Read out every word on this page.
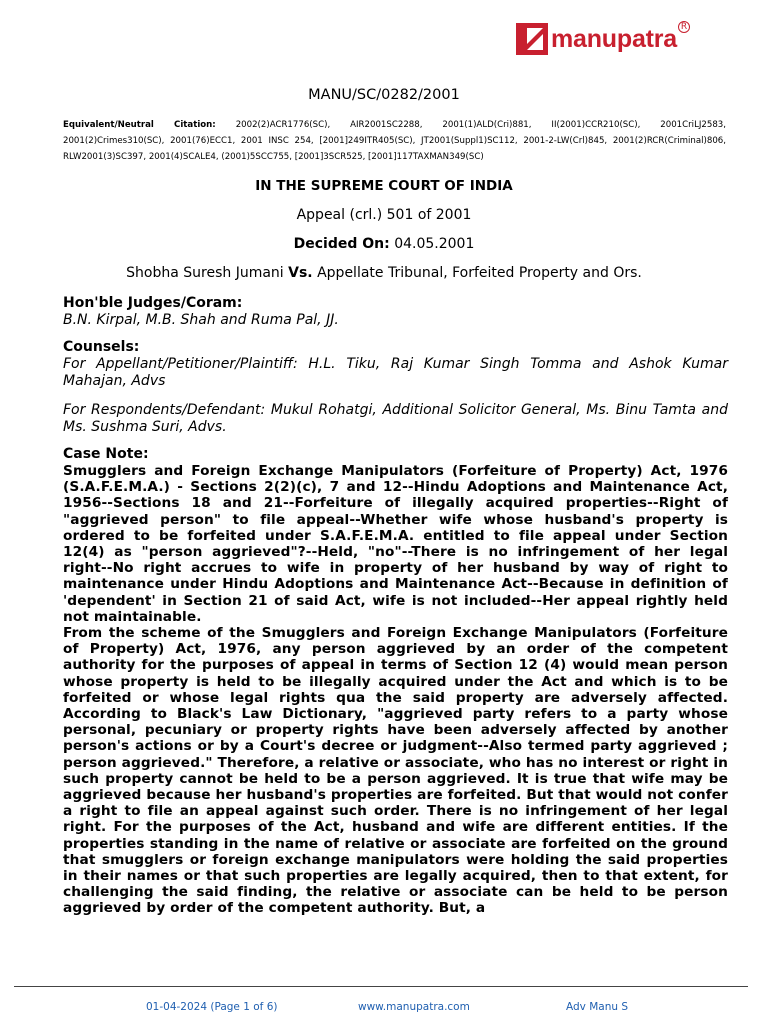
manupatra R
MANU/SC/0282/2001
Equivalent/Neutral Citation: 2002(2)ACR1776(SC), AIR2001SC2288, 2001(1)ALD(Cri)881, II(2001)CCR210(SC), 2001CriLJ2583, 2001(2)Crimes310(SC), 2001(76)ECC1, 2001 INSC 254, [2001]249ITR405(SC), JT2001(Suppl1)SC112, 2001-2-LW(Crl)845, 2001(2)RCR(Criminal)806, RLW2001(3)SC397, 2001(4)SCALE4, (2001)5SCC755, [2001]3SCR525, [2001]117TAXMAN349(SC)
IN THE SUPREME COURT OF INDIA
Appeal (crl.) 501 of 2001
Decided On: 04.05.2001
Shobha Suresh Jumani Vs. Appellate Tribunal, Forfeited Property and Ors.
Hon'ble Judges/Coram:
B.N. Kirpal, M.B. Shah and Ruma Pal, JJ.
Counsels:
For Appellant/Petitioner/Plaintiff: H.L. Tiku, Raj Kumar Singh Tomma and Ashok Kumar Mahajan, Advs
For Respondents/Defendant: Mukul Rohatgi, Additional Solicitor General, Ms. Binu Tamta and Ms. Sushma Suri, Advs.
Case Note:
Smugglers and Foreign Exchange Manipulators (Forfeiture of Property) Act, 1976 (S.A.F.E.M.A.) - Sections 2(2)(c), 7 and 12--Hindu Adoptions and Maintenance Act, 1956--Sections 18 and 21--Forfeiture of illegally acquired properties--Right of "aggrieved person" to file appeal--Whether wife whose husband's property is ordered to be forfeited under S.A.F.E.M.A. entitled to file appeal under Section 12(4) as "person aggrieved"?--Held, "no"--There is no infringement of her legal right--No right accrues to wife in property of her husband by way of right to maintenance under Hindu Adoptions and Maintenance Act--Because in definition of 'dependent' in Section 21 of said Act, wife is not included--Her appeal rightly held not maintainable.
From the scheme of the Smugglers and Foreign Exchange Manipulators (Forfeiture of Property) Act, 1976, any person aggrieved by an order of the competent authority for the purposes of appeal in terms of Section 12 (4) would mean person whose property is held to be illegally acquired under the Act and which is to be forfeited or whose legal rights qua the said property are adversely affected. According to Black's Law Dictionary, "aggrieved party refers to a party whose personal, pecuniary or property rights have been adversely affected by another person's actions or by a Court's decree or judgment--Also termed party aggrieved ; person aggrieved." Therefore, a relative or associate, who has no interest or right in such property cannot be held to be a person aggrieved. It is true that wife may be aggrieved because her husband's properties are forfeited. But that would not confer a right to file an appeal against such order. There is no infringement of her legal right. For the purposes of the Act, husband and wife are different entities. If the properties standing in the name of relative or associate are forfeited on the ground that smugglers or foreign exchange manipulators were holding the said properties in their names or that such properties are legally acquired, then to that extent, for challenging the said finding, the relative or associate can be held to be person aggrieved by order of the competent authority. But, a
01-04-2024 (Page 1 of 6)	www.manupatra.com	Adv Manu S
